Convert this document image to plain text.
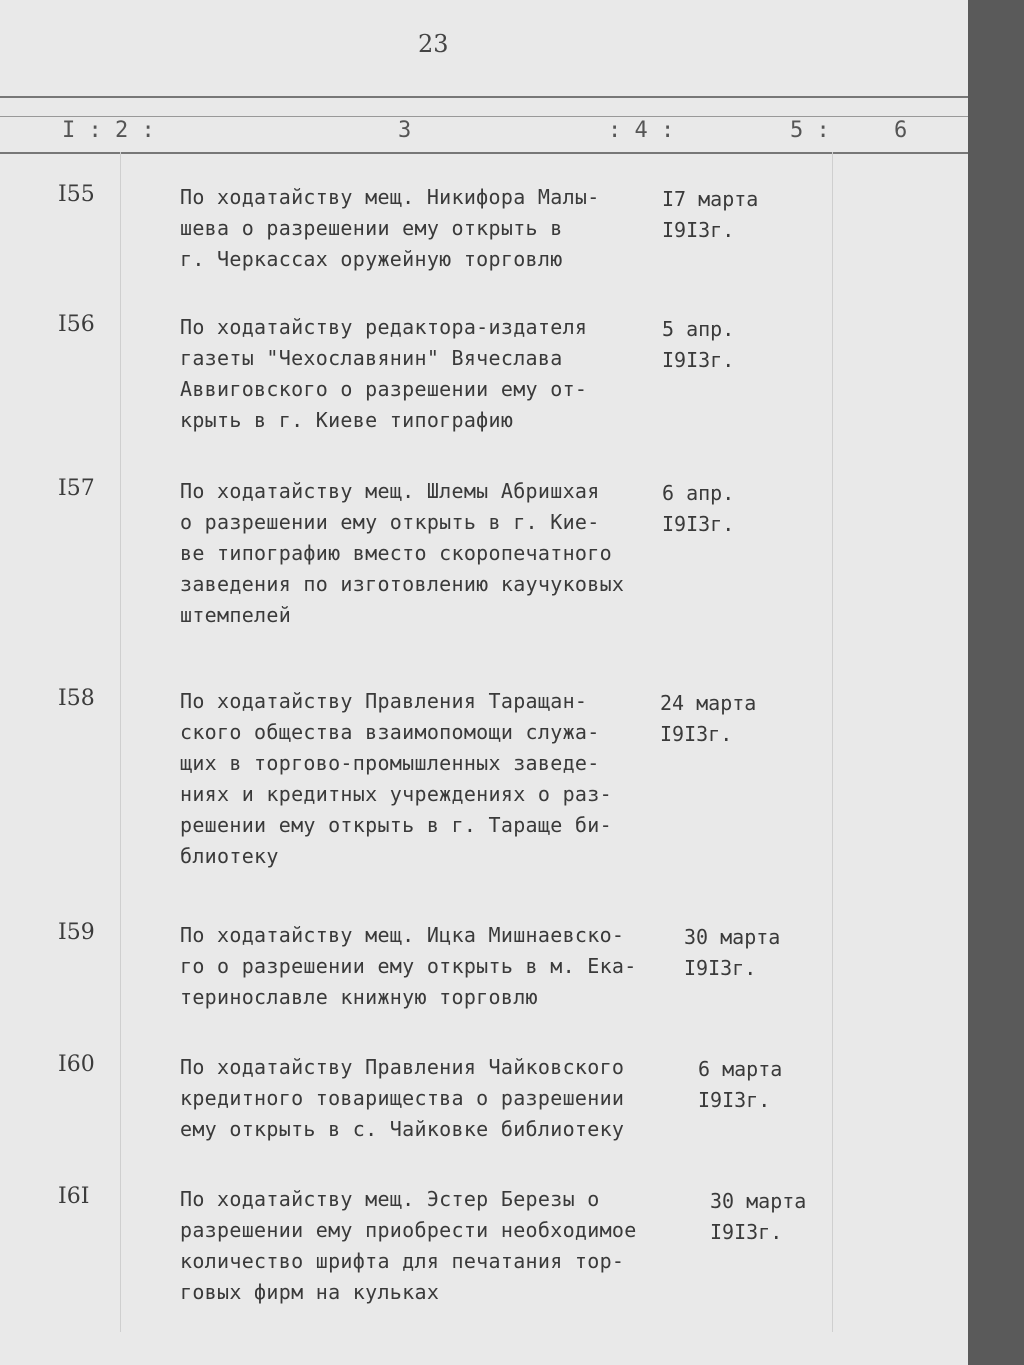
23
I : 2 :	3	: 4 :	5 :	6
I55	По ходатайству мещ. Никифора Малы-
шева о разрешении ему открыть в
г. Черкассах оружейную торговлю
I7 марта
I9I3г.
I56	По ходатайству редактора-издателя
газеты "Чехославянин" Вячеслава
Аввиговского о разрешении ему от-
крыть в г. Киеве типографию
5 апр.
I9I3г.
I57	По ходатайству мещ. Шлемы Абришхая
о разрешении ему открыть в г. Кие-
ве типографию вместо скоропечатного
заведения по изготовлению каучуковых
штемпелей
6 апр.
I9I3г.
I58	По ходатайству Правления Таращан-
ского общества взаимопомощи служа-
щих в торгово-промышленных заведе-
ниях и кредитных учреждениях о раз-
решении ему открыть в г. Тараще би-
блиотеку
24 марта
I9I3г.
I59	По ходатайству мещ. Ицка Мишнаевско-
го о разрешении ему открыть в м. Ека-
теринославле книжную торговлю
30 марта
I9I3г.
I60	По ходатайству Правления Чайковского
кредитного товарищества о разрешении
ему открыть в с. Чайковке библиотеку
6 марта
I9I3г.
I6I	По ходатайству мещ. Эстер Березы о
разрешении ему приобрести необходимое
количество шрифта для печатания тор-
говых фирм на кульках
30 марта
I9I3г.
